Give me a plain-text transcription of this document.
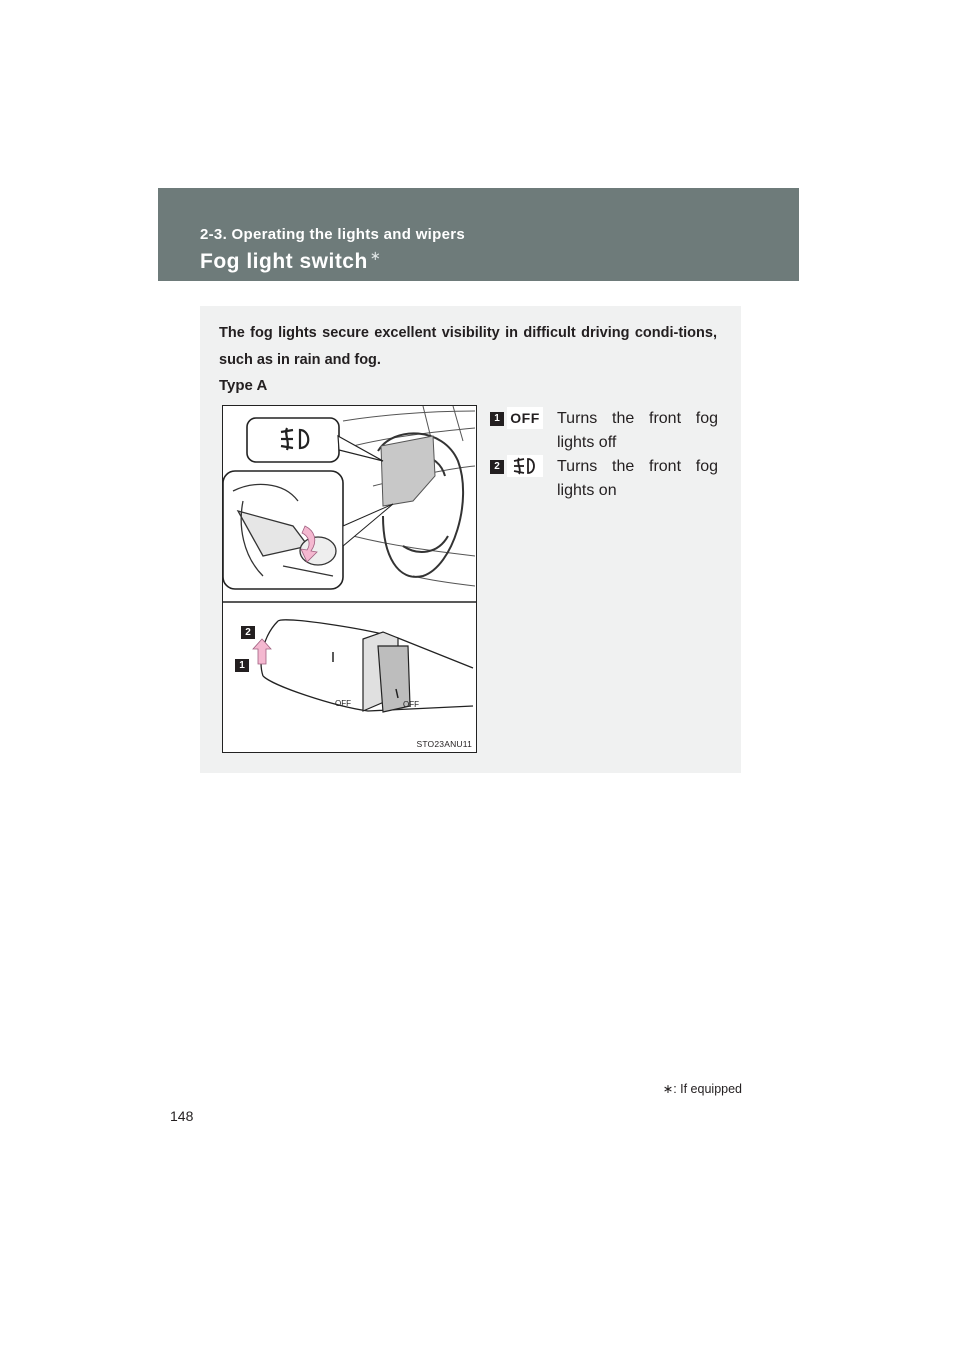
2-3. Operating the lights and wipers
Fog light switch ∗
The fog lights secure excellent visibility in difficult driving condi-tions, such as in rain and fog.
Type A
OFF	OFF
2
1
STO23ANU11
1 OFF Turns the front fog lights off
2	Turns the front fog lights on
∗: If equipped
148
